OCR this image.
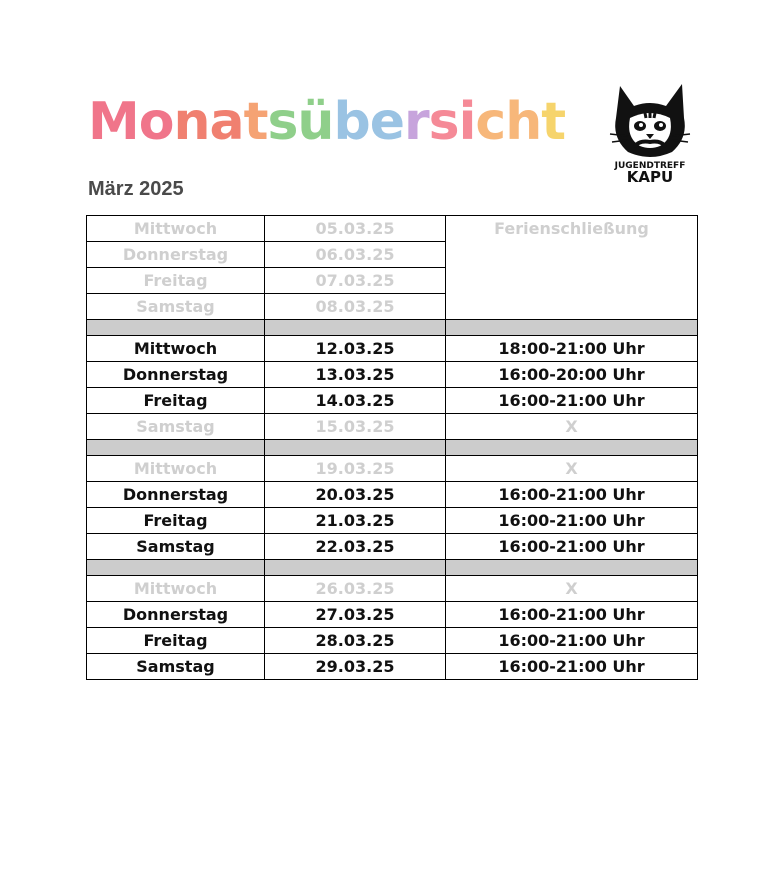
Monatsübersicht
JUGENDTREFF
KAPU
März 2025
Mittwoch	05.03.25	Ferienschließung
Donnerstag	06.03.25	
Freitag	07.03.25	
Samstag	08.03.25	

Mittwoch	12.03.25	18:00-21:00 Uhr
Donnerstag	13.03.25	16:00-20:00 Uhr
Freitag	14.03.25	16:00-21:00 Uhr
Samstag	15.03.25	X

Mittwoch	19.03.25	X
Donnerstag	20.03.25	16:00-21:00 Uhr
Freitag	21.03.25	16:00-21:00 Uhr
Samstag	22.03.25	16:00-21:00 Uhr

Mittwoch	26.03.25	X
Donnerstag	27.03.25	16:00-21:00 Uhr
Freitag	28.03.25	16:00-21:00 Uhr
Samstag	29.03.25	16:00-21:00 Uhr
